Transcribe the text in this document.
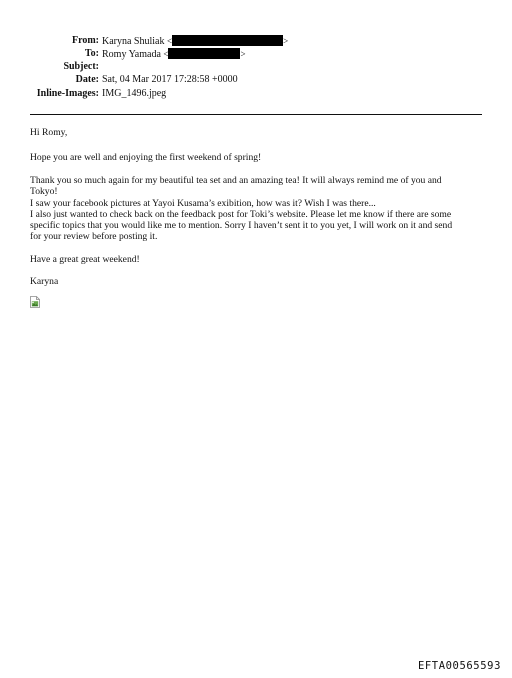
From: Karyna Shuliak <	>
To: Romy Yamada <	>
Subject:
Date: Sat, 04 Mar 2017 17:28:58 +0000
Inline-Images: IMG_1496.jpeg

Hi Romy,

Hope you are well and enjoying the first weekend of spring!

Thank you so much again for my beautiful tea set and an amazing tea! It will always remind me of you and

Tokyo!

I saw your facebook pictures at Yayoi Kusama’s exibition, how was it? Wish I was there...

I also just wanted to check back on the feedback post for Toki’s website. Please let me know if there are some

specific topics that you would like me to mention. Sorry I haven’t sent it to you yet, I will work on it and send

for your review before posting it.

Have a great great weekend!

Karyna

EFTA00565593
